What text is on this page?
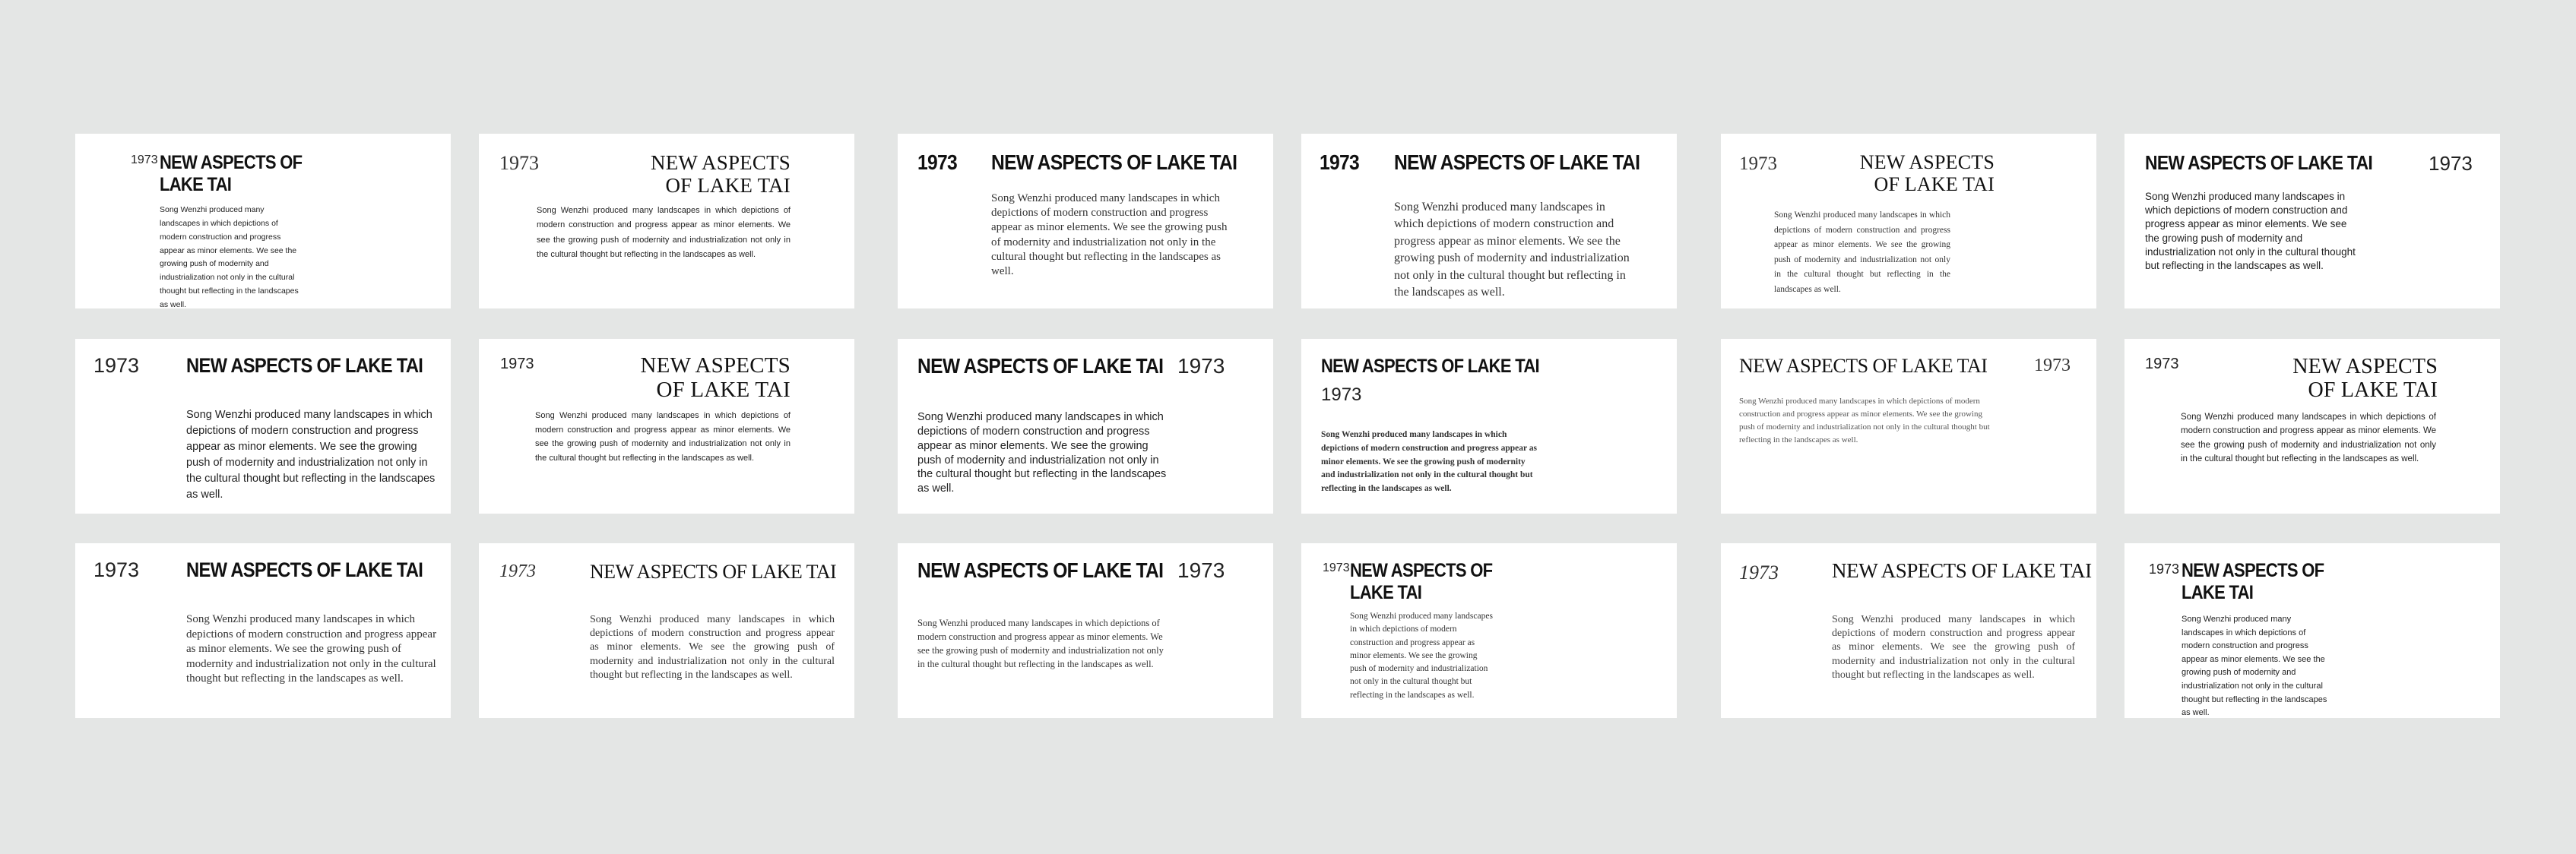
1973 NEW ASPECTS OF
LAKE TAI
Song Wenzhi produced many landscapes in which depictions of modern construction and progress appear as minor elements. We see the growing push of modernity and industrialization not only in the cultural thought but reflecting in the landscapes as well.
1973	NEW ASPECTS
OF LAKE TAI
Song Wenzhi produced many landscapes in which depictions of modern construction and progress appear as minor elements. We see the growing push of modernity and industrialization not only in the cultural thought but reflecting in the landscapes as well.
1973 NEW ASPECTS OF LAKE TAI
Song Wenzhi produced many landscapes in which depictions of modern construction and progress appear as minor elements. We see the growing push of modernity and industrialization not only in the cultural thought but reflecting in the landscapes as well.
1973 NEW ASPECTS OF LAKE TAI
Song Wenzhi produced many landscapes in which depictions of modern construction and progress appear as minor elements. We see the growing push of modernity and industrialization not only in the cultural thought but reflecting in the landscapes as well.
1973	NEW ASPECTS
OF LAKE TAI
Song Wenzhi produced many landscapes in which depictions of modern construction and progress appear as minor elements. We see the growing push of modernity and industrialization not only in the cultural thought but reflecting in the landscapes as well.
NEW ASPECTS OF LAKE TAI	1973
Song Wenzhi produced many landscapes in which depictions of modern construction and progress appear as minor elements. We see the growing push of modernity and industrialization not only in the cultural thought but reflecting in the landscapes as well.
1973 NEW ASPECTS OF LAKE TAI
Song Wenzhi produced many landscapes in which depictions of modern construction and progress appear as minor elements. We see the growing push of modernity and industrialization not only in the cultural thought but reflecting in the landscapes as well.
1973	NEW ASPECTS
OF LAKE TAI
Song Wenzhi produced many landscapes in which depictions of modern construction and progress appear as minor elements. We see the growing push of modernity and industrialization not only in the cultural thought but reflecting in the landscapes as well.
NEW ASPECTS OF LAKE TAI 1973
Song Wenzhi produced many landscapes in which depictions of modern construction and progress appear as minor elements. We see the growing push of modernity and industrialization not only in the cultural thought but reflecting in the landscapes as well.
NEW ASPECTS OF LAKE TAI
1973
Song Wenzhi produced many landscapes in which depictions of modern construction and progress appear as minor elements. We see the growing push of modernity and industrialization not only in the cultural thought but reflecting in the landscapes as well.
NEW ASPECTS OF LAKE TAI	1973
Song Wenzhi produced many landscapes in which depictions of modern construction and progress appear as minor elements. We see the growing push of modernity and industrialization not only in the cultural thought but reflecting in the landscapes as well.
1973	NEW ASPECTS
OF LAKE TAI
Song Wenzhi produced many landscapes in which depictions of modern construction and progress appear as minor elements. We see the growing push of modernity and industrialization not only in the cultural thought but reflecting in the landscapes as well.
1973 NEW ASPECTS OF LAKE TAI
Song Wenzhi produced many landscapes in which depictions of modern construction and progress appear as minor elements. We see the growing push of modernity and industrialization not only in the cultural thought but reflecting in the landscapes as well.
1973	NEW ASPECTS OF LAKE TAI
Song Wenzhi produced many landscapes in which depictions of modern construction and progress appear as minor elements. We see the growing push of modernity and industrialization not only in the cultural thought but reflecting in the landscapes as well.
NEW ASPECTS OF LAKE TAI 1973
Song Wenzhi produced many landscapes in which depictions of modern construction and progress appear as minor elements. We see the growing push of modernity and industrialization not only in the cultural thought but reflecting in the landscapes as well.
1973 NEW ASPECTS OF
LAKE TAI
Song Wenzhi produced many landscapes in which depictions of modern construction and progress appear as minor elements. We see the growing push of modernity and industrialization not only in the cultural thought but reflecting in the landscapes as well.
1973	NEW ASPECTS OF LAKE TAI
Song Wenzhi produced many landscapes in which depictions of modern construction and progress appear as minor elements. We see the growing push of modernity and industrialization not only in the cultural thought but reflecting in the landscapes as well.
1973 NEW ASPECTS OF
LAKE TAI
Song Wenzhi produced many landscapes in which depictions of modern construction and progress appear as minor elements. We see the growing push of modernity and industrialization not only in the cultural thought but reflecting in the landscapes as well.
